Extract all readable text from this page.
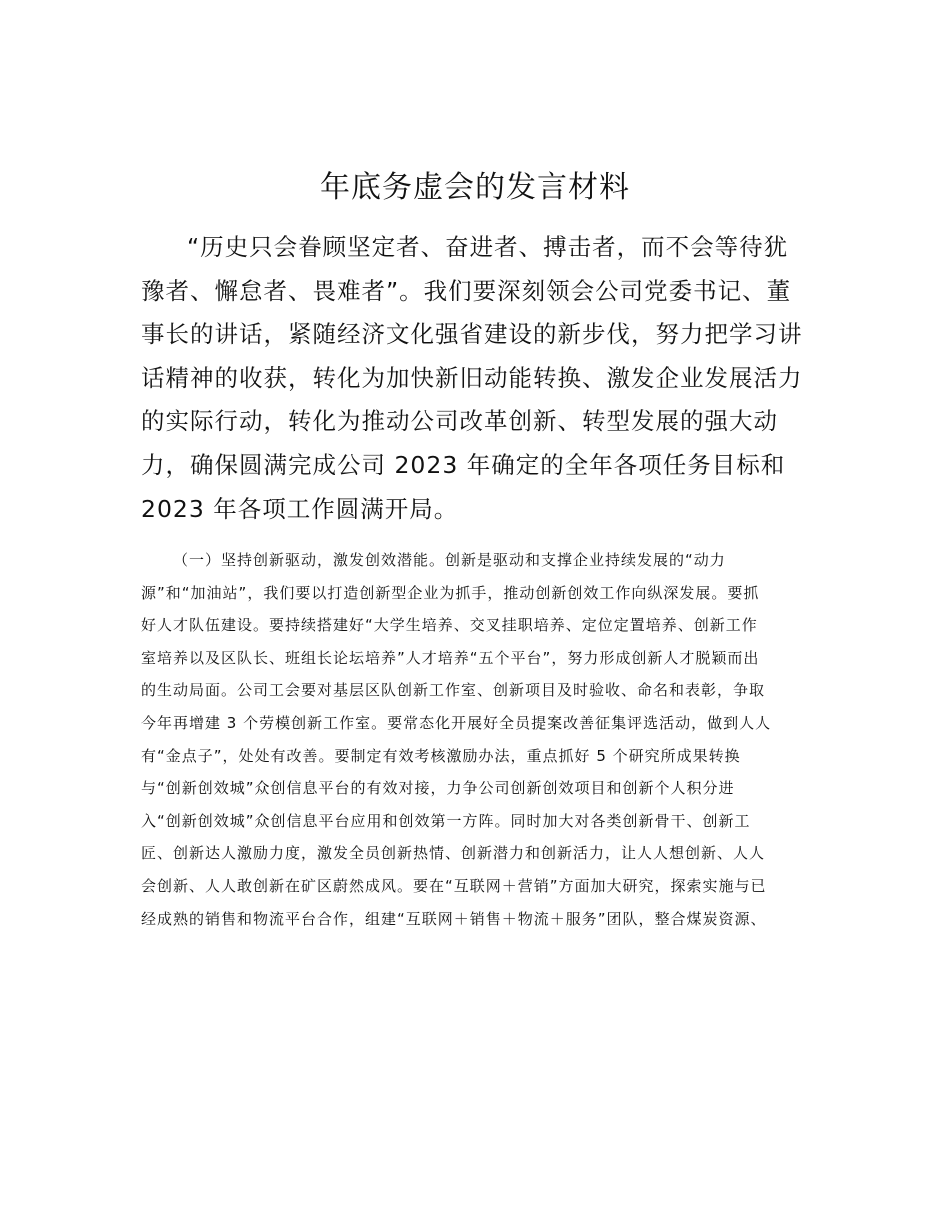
年底务虚会的发言材料
“历史只会眷顾坚定者、奋进者、搏击者，而不会等待犹
豫者、懈怠者、畏难者”。我们要深刻领会公司党委书记、董
事长的讲话，紧随经济文化强省建设的新步伐，努力把学习讲
话精神的收获，转化为加快新旧动能转换、激发企业发展活力
的实际行动，转化为推动公司改革创新、转型发展的强大动
力，确保圆满完成公司 2023 年确定的全年各项任务目标和
2023 年各项工作圆满开局。
（一）坚持创新驱动，激发创效潜能。创新是驱动和支撑企业持续发展的“动力
源”和“加油站”，我们要以打造创新型企业为抓手，推动创新创效工作向纵深发展。要抓
好人才队伍建设。要持续搭建好“大学生培养、交叉挂职培养、定位定置培养、创新工作
室培养以及区队长、班组长论坛培养”人才培养“五个平台”，努力形成创新人才脱颖而出
的生动局面。公司工会要对基层区队创新工作室、创新项目及时验收、命名和表彰，争取
今年再增建 3 个劳模创新工作室。要常态化开展好全员提案改善征集评选活动，做到人人
有“金点子”，处处有改善。要制定有效考核激励办法，重点抓好 5 个研究所成果转换
与“创新创效城”众创信息平台的有效对接，力争公司创新创效项目和创新个人积分进
入“创新创效城”众创信息平台应用和创效第一方阵。同时加大对各类创新骨干、创新工
匠、创新达人激励力度，激发全员创新热情、创新潜力和创新活力，让人人想创新、人人
会创新、人人敢创新在矿区蔚然成风。要在“互联网＋营销”方面加大研究，探索实施与已
经成熟的销售和物流平台合作，组建“互联网＋销售＋物流＋服务”团队，整合煤炭资源、
